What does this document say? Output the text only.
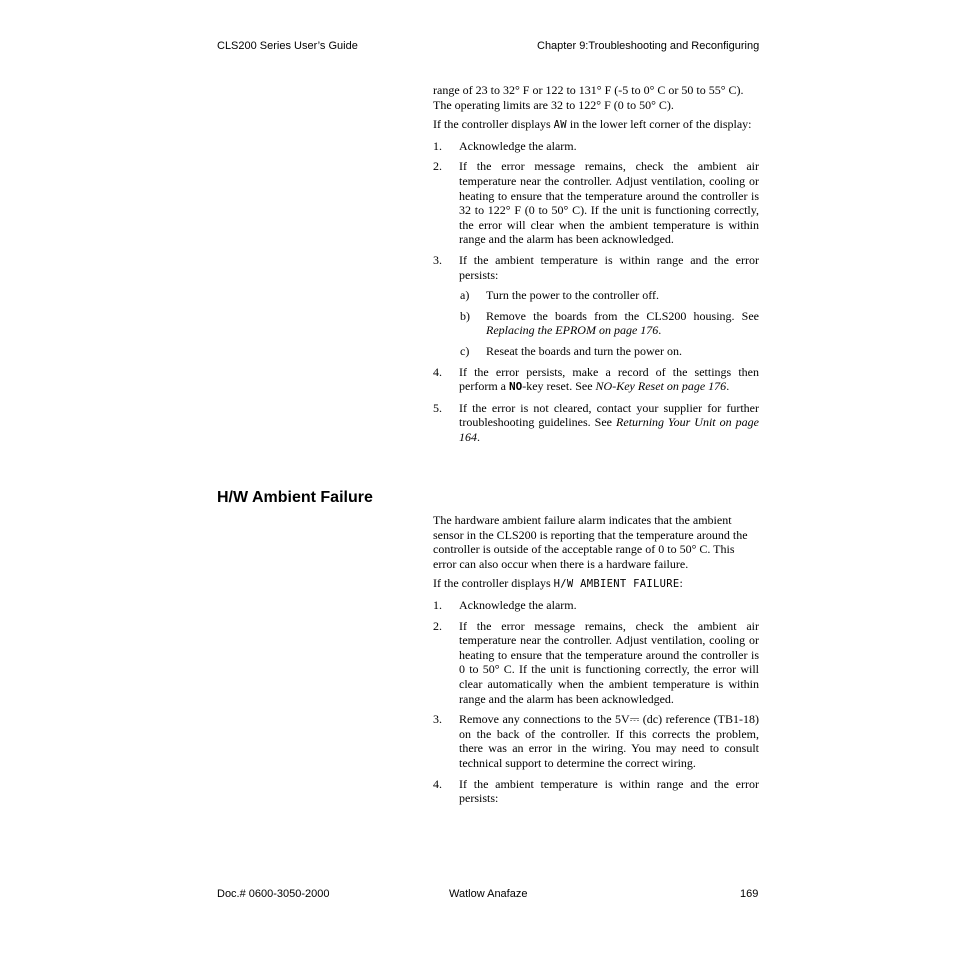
CLS200 Series User’s Guide	Chapter 9:Troubleshooting and Reconfiguring

range of 23 to 32° F or 122 to 131° F (-5 to 0° C or 50 to 55° C). The operating limits are 32 to 122° F (0 to 50° C).

If the controller displays AW in the lower left corner of the display:

1. Acknowledge the alarm.
2. If the error message remains, check the ambient air temperature near the controller. Adjust ventilation, cooling or heating to ensure that the temperature around the controller is 32 to 122° F (0 to 50° C). If the unit is functioning correctly, the error will clear when the ambient temperature is within range and the alarm has been acknowledged.
3. If the ambient temperature is within range and the error persists:
a) Turn the power to the controller off.
b) Remove the boards from the CLS200 housing. See Replacing the EPROM on page 176.
c) Reseat the boards and turn the power on.
4. If the error persists, make a record of the settings then perform a NO-key reset. See NO-Key Reset on page 176.
5. If the error is not cleared, contact your supplier for further troubleshooting guidelines. See Returning Your Unit on page 164.
H/W Ambient Failure

The hardware ambient failure alarm indicates that the ambient sensor in the CLS200 is reporting that the temperature around the controller is outside of the acceptable range of 0 to 50° C. This error can also occur when there is a hardware failure.

If the controller displays H/W AMBIENT FAILURE:

1. Acknowledge the alarm.
2. If the error message remains, check the ambient air temperature near the controller. Adjust ventilation, cooling or heating to ensure that the temperature around the controller is 0 to 50° C. If the unit is functioning correctly, the error will clear automatically when the ambient temperature is within range and the alarm has been acknowledged.
3. Remove any connections to the 5V⎓ (dc) reference (TB1-18) on the back of the controller. If this corrects the problem, there was an error in the wiring. You may need to consult technical support to determine the correct wiring.
4. If the ambient temperature is within range and the error persists:
Doc.# 0600-3050-2000	Watlow Anafaze	169
